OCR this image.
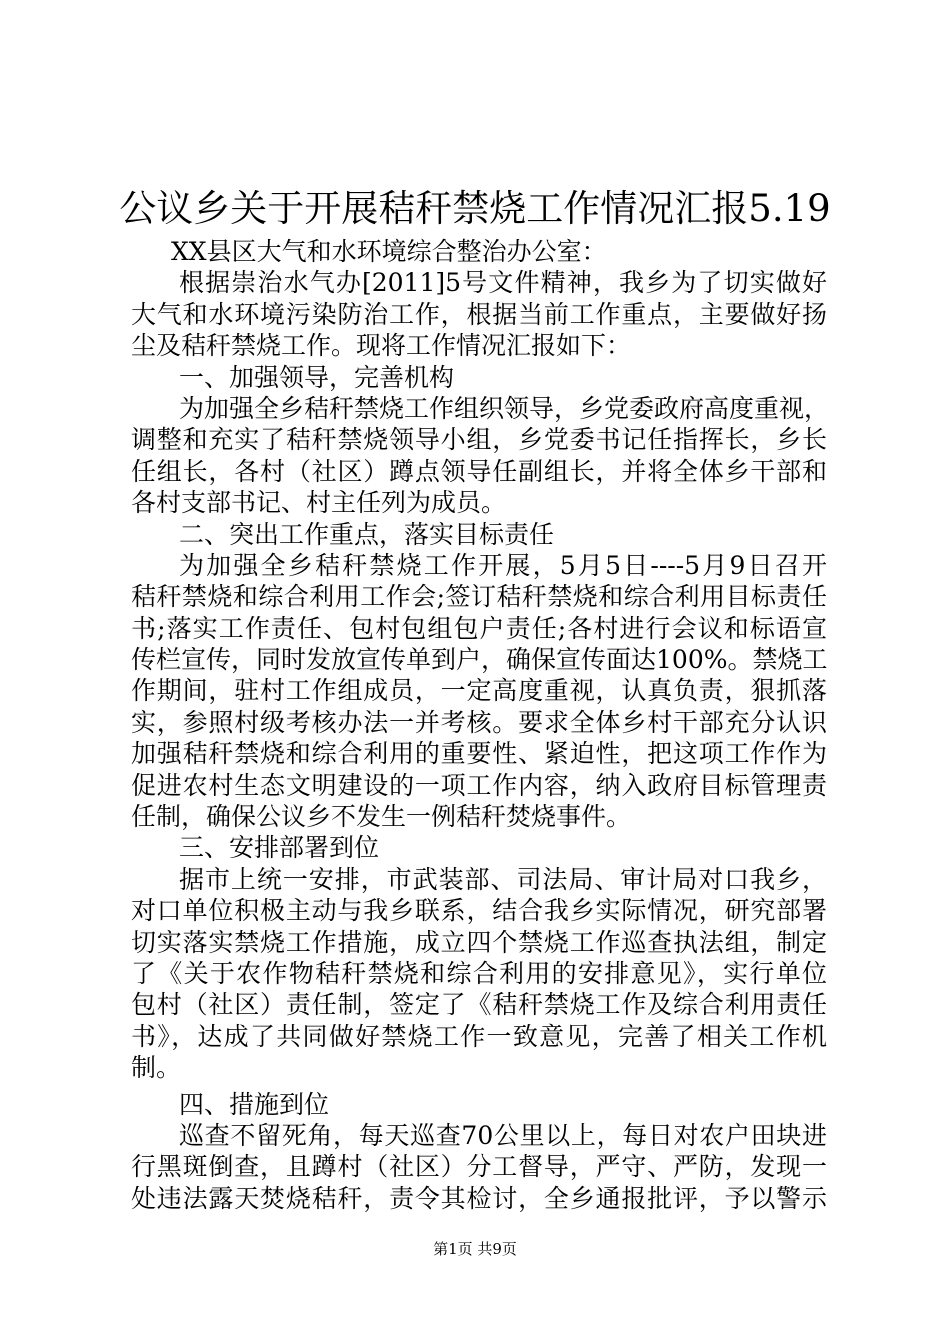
公议乡关于开展秸秆禁烧工作情况汇报5.19
XX县区大气和水环境综合整治办公室：
根据崇治水气办[2011]5号文件精神，我乡为了切实做好
大气和水环境污染防治工作，根据当前工作重点，主要做好扬
尘及秸秆禁烧工作。现将工作情况汇报如下：
一、加强领导，完善机构
为加强全乡秸秆禁烧工作组织领导，乡党委政府高度重视，
调整和充实了秸秆禁烧领导小组，乡党委书记任指挥长，乡长
任组长，各村（社区）蹲点领导任副组长，并将全体乡干部和
各村支部书记、村主任列为成员。
二、突出工作重点，落实目标责任
为加强全乡秸秆禁烧工作开展，5月5日----5月9日召开
秸秆禁烧和综合利用工作会;签订秸秆禁烧和综合利用目标责任
书;落实工作责任、包村包组包户责任;各村进行会议和标语宣
传栏宣传，同时发放宣传单到户，确保宣传面达100%。禁烧工
作期间，驻村工作组成员，一定高度重视，认真负责，狠抓落
实，参照村级考核办法一并考核。要求全体乡村干部充分认识
加强秸秆禁烧和综合利用的重要性、紧迫性，把这项工作作为
促进农村生态文明建设的一项工作内容，纳入政府目标管理责
任制，确保公议乡不发生一例秸秆焚烧事件。
三、安排部署到位
据市上统一安排，市武装部、司法局、审计局对口我乡，
对口单位积极主动与我乡联系，结合我乡实际情况，研究部署
切实落实禁烧工作措施，成立四个禁烧工作巡查执法组，制定
了《关于农作物秸秆禁烧和综合利用的安排意见》，实行单位
包村（社区）责任制，签定了《秸秆禁烧工作及综合利用责任
书》，达成了共同做好禁烧工作一致意见，完善了相关工作机
制。
四、措施到位
巡查不留死角，每天巡查70公里以上，每日对农户田块进
行黑斑倒查，且蹲村（社区）分工督导，严守、严防，发现一
处违法露天焚烧秸秆，责令其检讨，全乡通报批评，予以警示
第1页 共9页
